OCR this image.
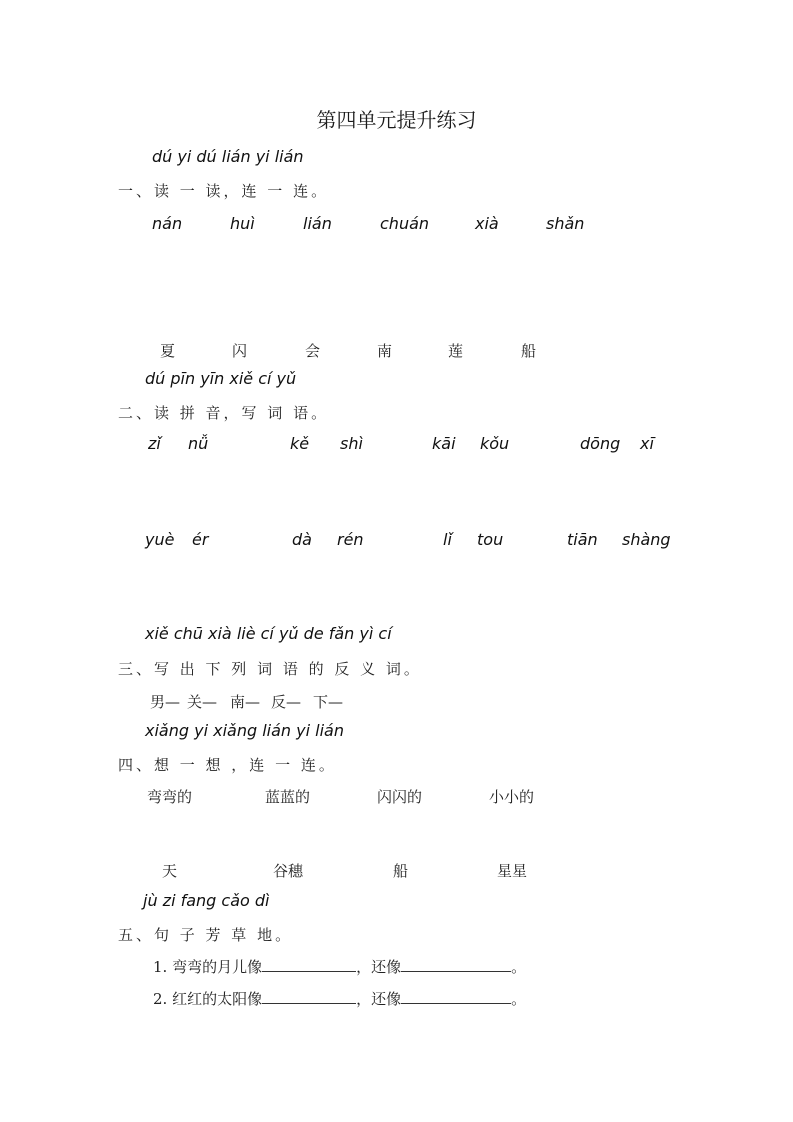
第四单元提升练习
dú yi dú lián yi lián
一、读 一 读，连 一 连。
nán	huì	lián	chuán	xià	shǎn
夏	闪	会	南	莲	船
dú pīn yīn xiě cí yǔ
二、读 拼 音，写 词 语。
zǐ nǚ	kě shì	kāi kǒu	dōng xī
yuè ér	dà rén	lǐ tou	tiān shàng
xiě chū xià liè cí yǔ de fǎn yì cí
三、写 出 下 列 词 语 的 反 义 词。
男— 关— 南— 反— 下—
xiǎng yi xiǎng lián yi lián
四、想 一 想 ，连 一 连。
弯弯的	蓝蓝的	闪闪的	小小的
天	谷穗	船	星星
jù zi fang cǎo dì
五、句 子 芳 草 地。
1. 弯弯的月儿像	，还像	。
2. 红红的太阳像	，还像	。
